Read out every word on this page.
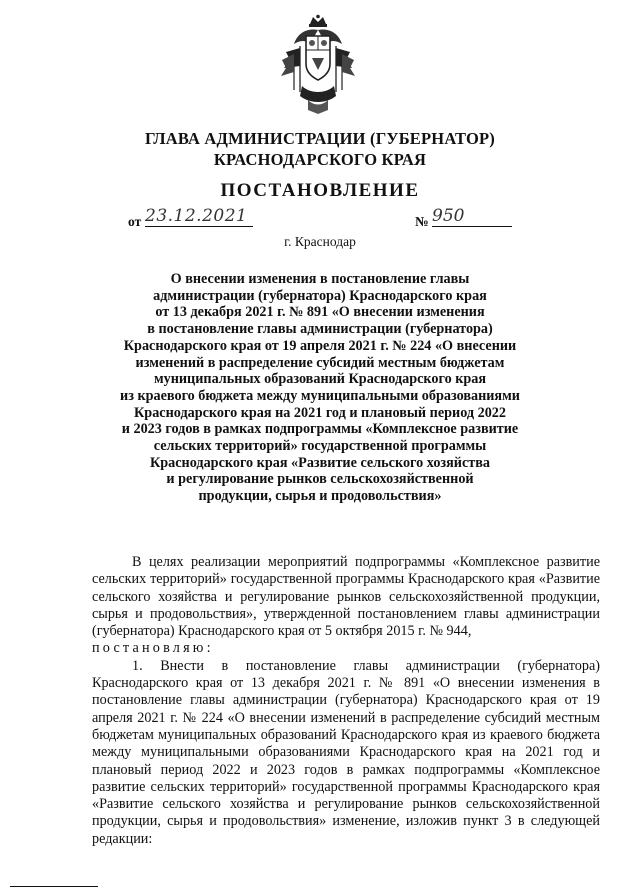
ГЛАВА АДМИНИСТРАЦИИ (ГУБЕРНАТОР)
КРАСНОДАРСКОГО КРАЯ
ПОСТАНОВЛЕНИЕ
от 23.12.2021	№ 950
г. Краснодар
О внесении изменения в постановление главы
администрации (губернатора) Краснодарского края
от 13 декабря 2021 г. № 891 «О внесении изменения
в постановление главы администрации (губернатора)
Краснодарского края от 19 апреля 2021 г. № 224 «О внесении
изменений в распределение субсидий местным бюджетам
муниципальных образований Краснодарского края
из краевого бюджета между муниципальными образованиями
Краснодарского края на 2021 год и плановый период 2022
и 2023 годов в рамках подпрограммы «Комплексное развитие
сельских территорий» государственной программы
Краснодарского края «Развитие сельского хозяйства
и регулирование рынков сельскохозяйственной
продукции, сырья и продовольствия»

В целях реализации мероприятий подпрограммы «Комплексное развитие сельских территорий» государственной программы Краснодарского края «Развитие сельского хозяйства и регулирование рынков сельскохозяйственной продукции, сырья и продовольствия», утвержденной постановлением главы администрации (губернатора) Краснодарского края от 5 октября 2015 г. № 944,

постановляю:

1. Внести в постановление главы администрации (губернатора) Краснодарского края от 13 декабря 2021 г. № 891 «О внесении изменения в постановление главы администрации (губернатора) Краснодарского края от 19 апреля 2021 г. № 224 «О внесении изменений в распределение субсидий местным бюджетам муниципальных образований Краснодарского края из краевого бюджета между муниципальными образованиями Краснодарского края на 2021 год и плановый период 2022 и 2023 годов в рамках подпрограммы «Комплексное развитие сельских территорий» государственной программы Краснодарского края «Развитие сельского хозяйства и регулирование рынков сельскохозяйственной продукции, сырья и продовольствия» изменение, изложив пункт 3 в следующей редакции:
